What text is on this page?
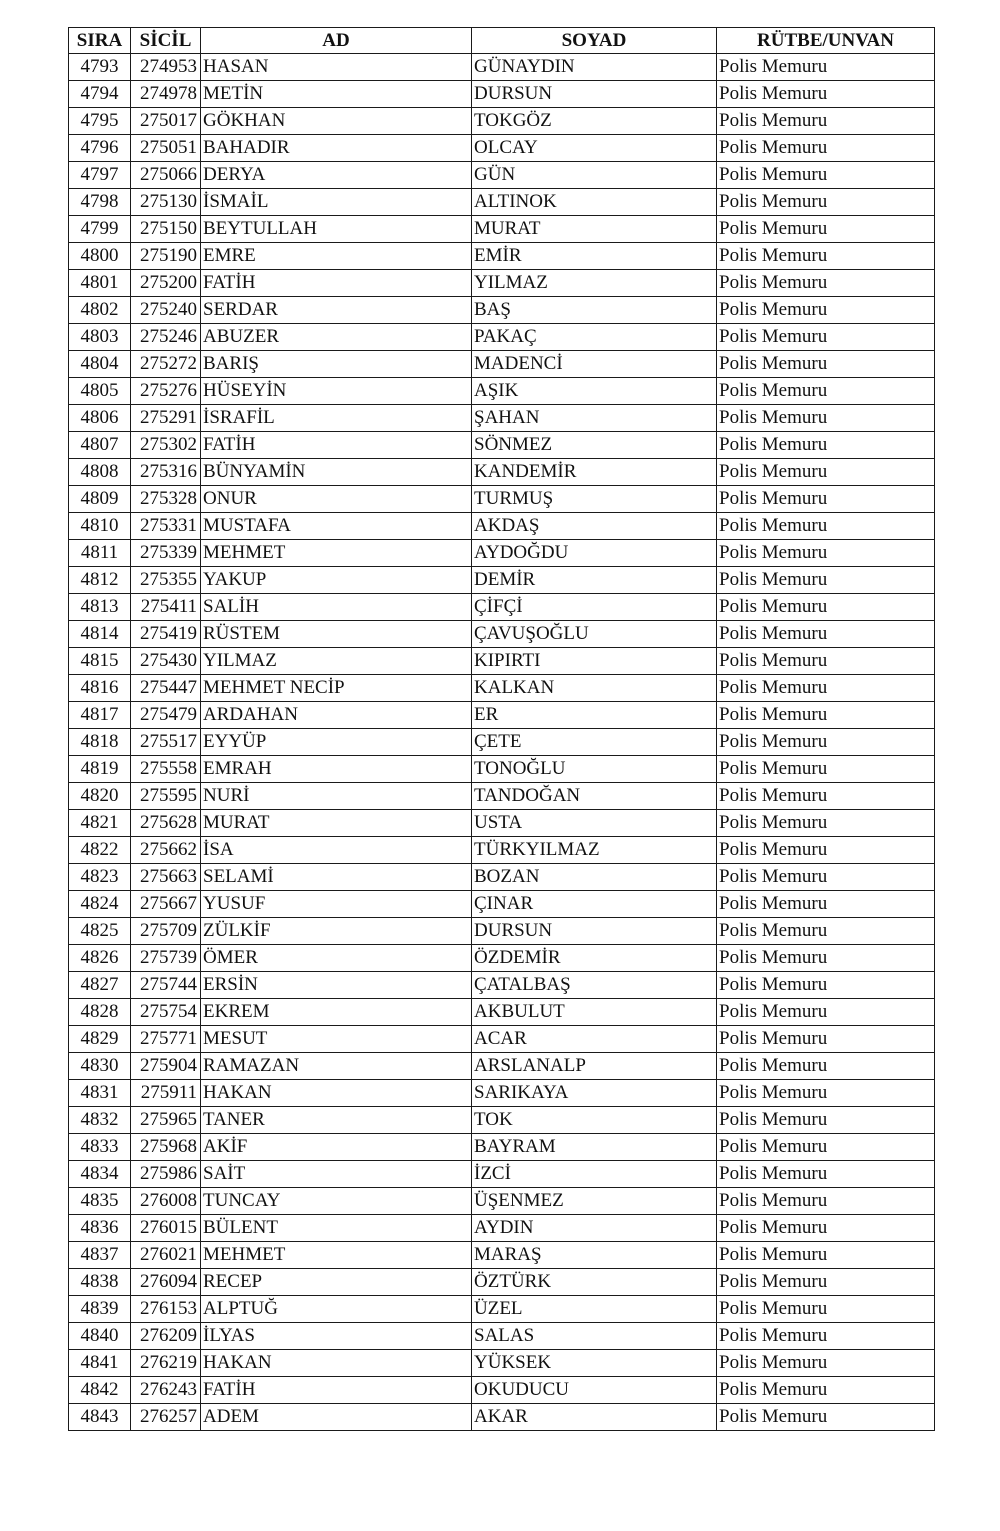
SIRA	SİCİL	AD	SOYAD	RÜTBE/UNVAN
4793	274953	HASAN	GÜNAYDIN	Polis Memuru
4794	274978	METİN	DURSUN	Polis Memuru
4795	275017	GÖKHAN	TOKGÖZ	Polis Memuru
4796	275051	BAHADIR	OLCAY	Polis Memuru
4797	275066	DERYA	GÜN	Polis Memuru
4798	275130	İSMAİL	ALTINOK	Polis Memuru
4799	275150	BEYTULLAH	MURAT	Polis Memuru
4800	275190	EMRE	EMİR	Polis Memuru
4801	275200	FATİH	YILMAZ	Polis Memuru
4802	275240	SERDAR	BAŞ	Polis Memuru
4803	275246	ABUZER	PAKAÇ	Polis Memuru
4804	275272	BARIŞ	MADENCİ	Polis Memuru
4805	275276	HÜSEYİN	AŞIK	Polis Memuru
4806	275291	İSRAFİL	ŞAHAN	Polis Memuru
4807	275302	FATİH	SÖNMEZ	Polis Memuru
4808	275316	BÜNYAMİN	KANDEMİR	Polis Memuru
4809	275328	ONUR	TURMUŞ	Polis Memuru
4810	275331	MUSTAFA	AKDAŞ	Polis Memuru
4811	275339	MEHMET	AYDOĞDU	Polis Memuru
4812	275355	YAKUP	DEMİR	Polis Memuru
4813	275411	SALİH	ÇİFÇİ	Polis Memuru
4814	275419	RÜSTEM	ÇAVUŞOĞLU	Polis Memuru
4815	275430	YILMAZ	KIPIRTI	Polis Memuru
4816	275447	MEHMET NECİP	KALKAN	Polis Memuru
4817	275479	ARDAHAN	ER	Polis Memuru
4818	275517	EYYÜP	ÇETE	Polis Memuru
4819	275558	EMRAH	TONOĞLU	Polis Memuru
4820	275595	NURİ	TANDOĞAN	Polis Memuru
4821	275628	MURAT	USTA	Polis Memuru
4822	275662	İSA	TÜRKYILMAZ	Polis Memuru
4823	275663	SELAMİ	BOZAN	Polis Memuru
4824	275667	YUSUF	ÇINAR	Polis Memuru
4825	275709	ZÜLKİF	DURSUN	Polis Memuru
4826	275739	ÖMER	ÖZDEMİR	Polis Memuru
4827	275744	ERSİN	ÇATALBAŞ	Polis Memuru
4828	275754	EKREM	AKBULUT	Polis Memuru
4829	275771	MESUT	ACAR	Polis Memuru
4830	275904	RAMAZAN	ARSLANALP	Polis Memuru
4831	275911	HAKAN	SARIKAYA	Polis Memuru
4832	275965	TANER	TOK	Polis Memuru
4833	275968	AKİF	BAYRAM	Polis Memuru
4834	275986	SAİT	İZCİ	Polis Memuru
4835	276008	TUNCAY	ÜŞENMEZ	Polis Memuru
4836	276015	BÜLENT	AYDIN	Polis Memuru
4837	276021	MEHMET	MARAŞ	Polis Memuru
4838	276094	RECEP	ÖZTÜRK	Polis Memuru
4839	276153	ALPTUĞ	ÜZEL	Polis Memuru
4840	276209	İLYAS	SALAS	Polis Memuru
4841	276219	HAKAN	YÜKSEK	Polis Memuru
4842	276243	FATİH	OKUDUCU	Polis Memuru
4843	276257	ADEM	AKAR	Polis Memuru
